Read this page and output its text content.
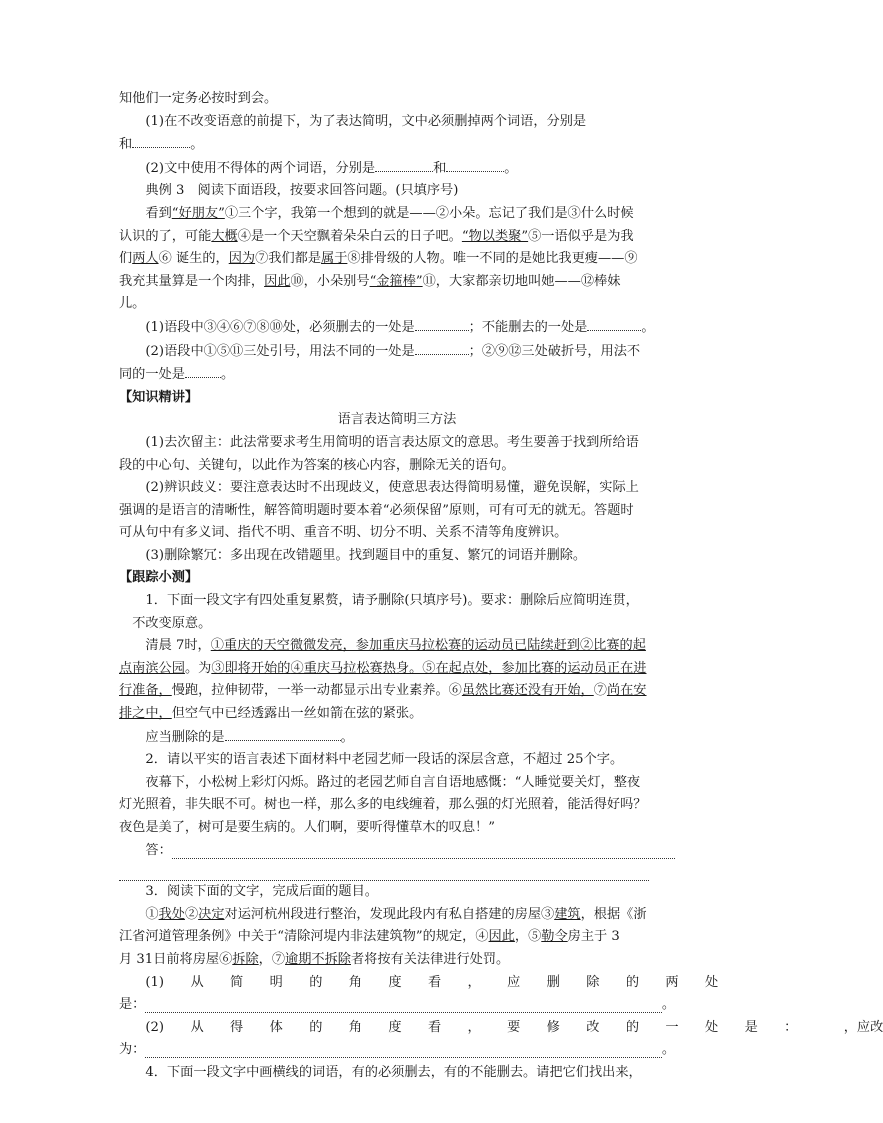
知他们一定务必按时到会。
(1)在不改变语意的前提下，为了表达简明，文中必须删掉两个词语，分别是
和	。
(2)文中使用不得体的两个词语，分别是	和	。
典例 3　阅读下面语段，按要求回答问题。(只填序号)
看到“好朋友”①三个字，我第一个想到的就是——②小朵。忘记了我们是③什么时候
认识的了，可能大概④是一个天空飘着朵朵白云的日子吧。“物以类聚”⑤一语似乎是为我
们两人⑥ 诞生的，因为⑦我们都是属于⑧排骨级的人物。唯一不同的是她比我更瘦——⑨
我充其量算是一个肉排，因此⑩，小朵别号“金箍棒”⑪，大家都亲切地叫她——⑫棒妹
儿。
(1)语段中③④⑥⑦⑧⑩处，必须删去的一处是	；不能删去的一处是	。
(2)语段中①⑤⑪三处引号，用法不同的一处是	；②⑨⑫三处破折号，用法不
同的一处是	。
【知识精讲】
语言表达简明三方法
(1)去次留主：此法常要求考生用简明的语言表达原文的意思。考生要善于找到所给语
段的中心句、关键句，以此作为答案的核心内容，删除无关的语句。
(2)辨识歧义：要注意表达时不出现歧义，使意思表达得简明易懂，避免误解，实际上
强调的是语言的清晰性，解答简明题时要本着“必须保留”原则，可有可无的就无。答题时
可从句中有多义词、指代不明、重音不明、切分不明、关系不清等角度辨识。
(3)删除繁冗：多出现在改错题里。找到题目中的重复、繁冗的词语并删除。
【跟踪小测】
1．下面一段文字有四处重复累赘，请予删除(只填序号)。要求：删除后应简明连贯，
不改变原意。
清晨 7时，①重庆的天空微微发亮，参加重庆马拉松赛的运动员已陆续赶到②比赛的起
点南滨公园。为③即将开始的④重庆马拉松赛热身。⑤在起点处，参加比赛的运动员正在进
行准备，慢跑，拉伸韧带，一举一动都显示出专业素养。⑥虽然比赛还没有开始，⑦尚在安
排之中，但空气中已经透露出一丝如箭在弦的紧张。
应当删除的是	。
2．请以平实的语言表述下面材料中老园艺师一段话的深层含意，不超过 25个字。
夜幕下，小松树上彩灯闪烁。路过的老园艺师自言自语地感慨：“人睡觉要关灯，整夜
灯光照着，非失眠不可。树也一样，那么多的电线缠着，那么强的灯光照着，能活得好吗？
夜色是美了，树可是要生病的。人们啊，要听得懂草木的叹息！”
答：
3．阅读下面的文字，完成后面的题目。
①我处②决定对运河杭州段进行整治，发现此段内有私自搭建的房屋③建筑，根据《浙
江省河道管理条例》中关于“清除河堤内非法建筑物”的规定，④因此，⑤勒令房主于 3
月 31日前将房屋⑥拆除，⑦逾期不拆除者将按有关法律进行处罚。
(1)	从	简	明	的	角	度	看	，	应	删	除	的	两	处
是：	。
(2)	从	得	体	的	角	度	看	，	要	修	改	的	一	处	是	：	，应改
为：	。
4．下面一段文字中画横线的词语，有的必须删去，有的不能删去。请把它们找出来，
